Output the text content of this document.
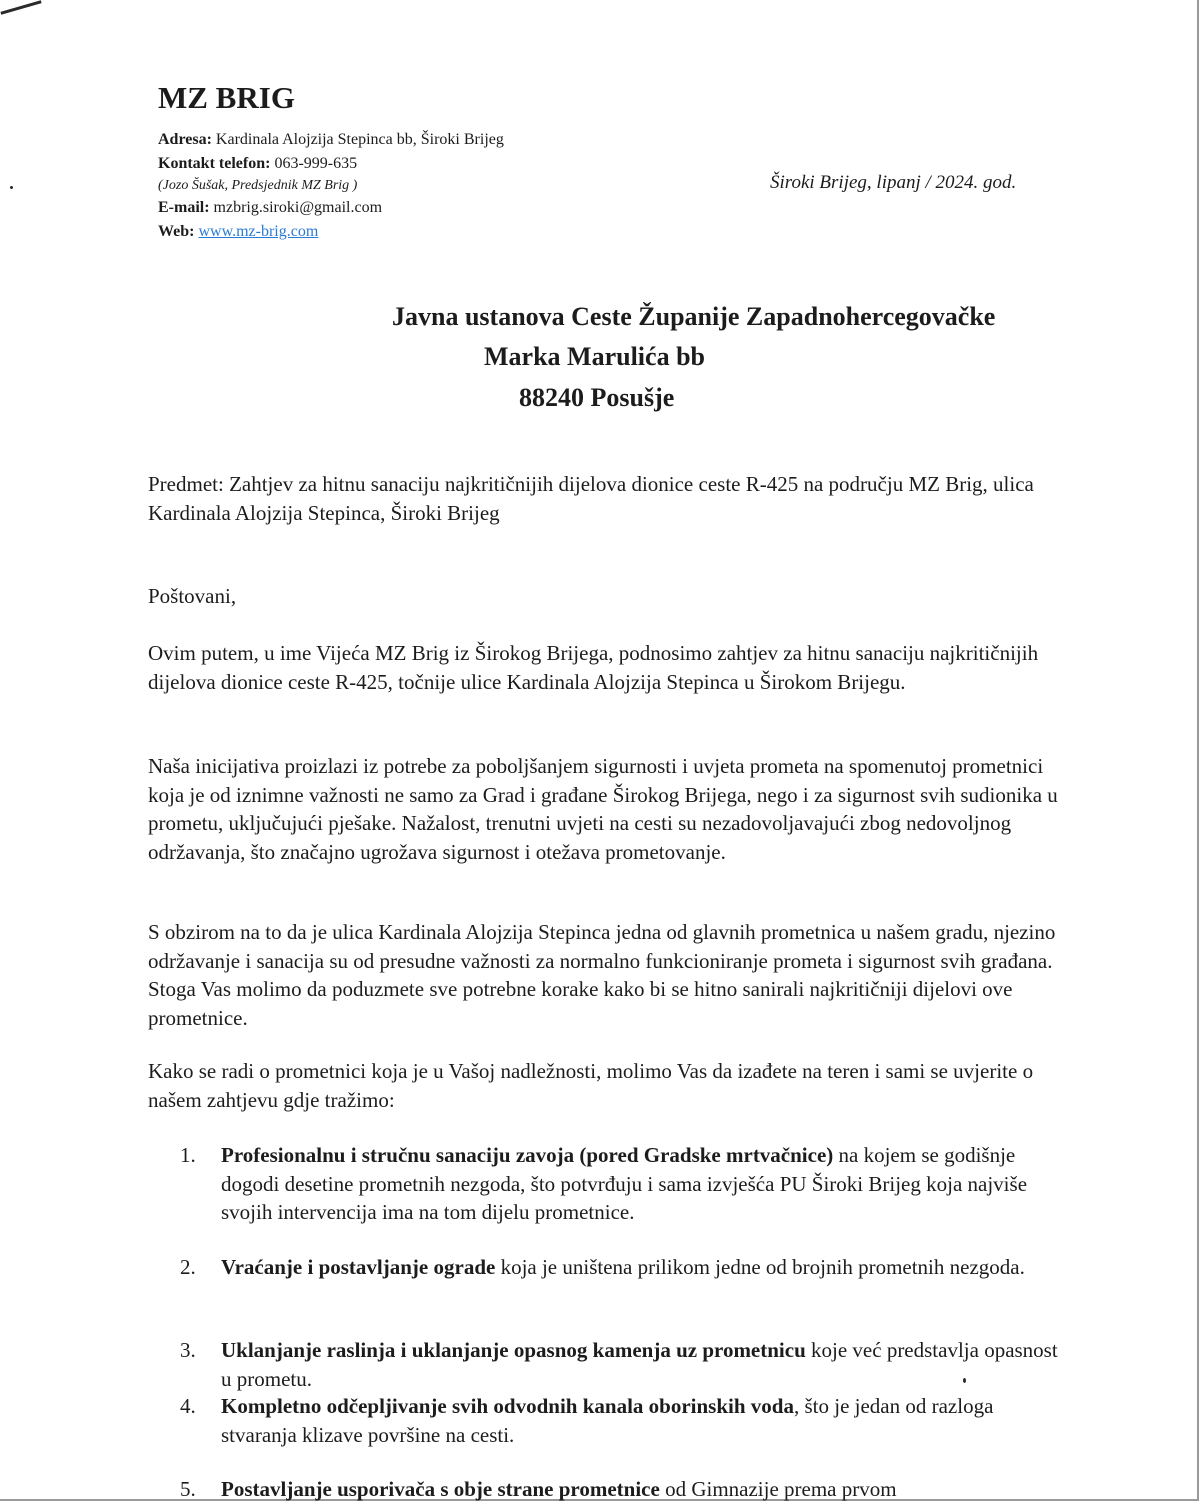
MZ BRIG
Adresa: Kardinala Alojzija Stepinca bb, Široki Brijeg
Kontakt telefon: 063-999-635
(Jozo Šušak, Predsjednik MZ Brig )
E-mail: mzbrig.siroki@gmail.com
Web: www.mz-brig.com
Široki Brijeg, lipanj / 2024. god.
Javna ustanova Ceste Županije Zapadnohercegovačke
Marka Marulića bb
88240 Posušje

Predmet: Zahtjev za hitnu sanaciju najkritičnijih dijelova dionice ceste R-425 na području MZ Brig, ulica Kardinala Alojzija Stepinca, Široki Brijeg

Poštovani,

Ovim putem, u ime Vijeća MZ Brig iz Širokog Brijega, podnosimo zahtjev za hitnu sanaciju najkritičnijih dijelova dionice ceste R-425, točnije ulice Kardinala Alojzija Stepinca u Širokom Brijegu.

Naša inicijativa proizlazi iz potrebe za poboljšanjem sigurnosti i uvjeta prometa na spomenutoj prometnici koja je od iznimne važnosti ne samo za Grad i građane Širokog Brijega, nego i za sigurnost svih sudionika u prometu, uključujući pješake. Nažalost, trenutni uvjeti na cesti su nezadovoljavajući zbog nedovoljnog održavanja, što značajno ugrožava sigurnost i otežava prometovanje.

S obzirom na to da je ulica Kardinala Alojzija Stepinca jedna od glavnih prometnica u našem gradu, njezino održavanje i sanacija su od presudne važnosti za normalno funkcioniranje prometa i sigurnost svih građana. Stoga Vas molimo da poduzmete sve potrebne korake kako bi se hitno sanirali najkritičniji dijelovi ove prometnice.

Kako se radi o prometnici koja je u Vašoj nadležnosti, molimo Vas da izađete na teren i sami se uvjerite o našem zahtjevu gdje tražimo:

1. Profesionalnu i stručnu sanaciju zavoja (pored Gradske mrtvačnice) na kojem se godišnje dogodi desetine prometnih nezgoda, što potvrđuju i sama izvješća PU Široki Brijeg koja najviše svojih intervencija ima na tom dijelu prometnice.
2. Vraćanje i postavljanje ograde koja je uništena prilikom jedne od brojnih prometnih nezgoda.
3. Uklanjanje raslinja i uklanjanje opasnog kamenja uz prometnicu koje već predstavlja opasnost u prometu.
4. Kompletno odčepljivanje svih odvodnih kanala oborinskih voda, što je jedan od razloga stvaranja klizave površine na cesti.
5. Postavljanje usporivača s obje strane prometnice od Gimnazije prema prvom
